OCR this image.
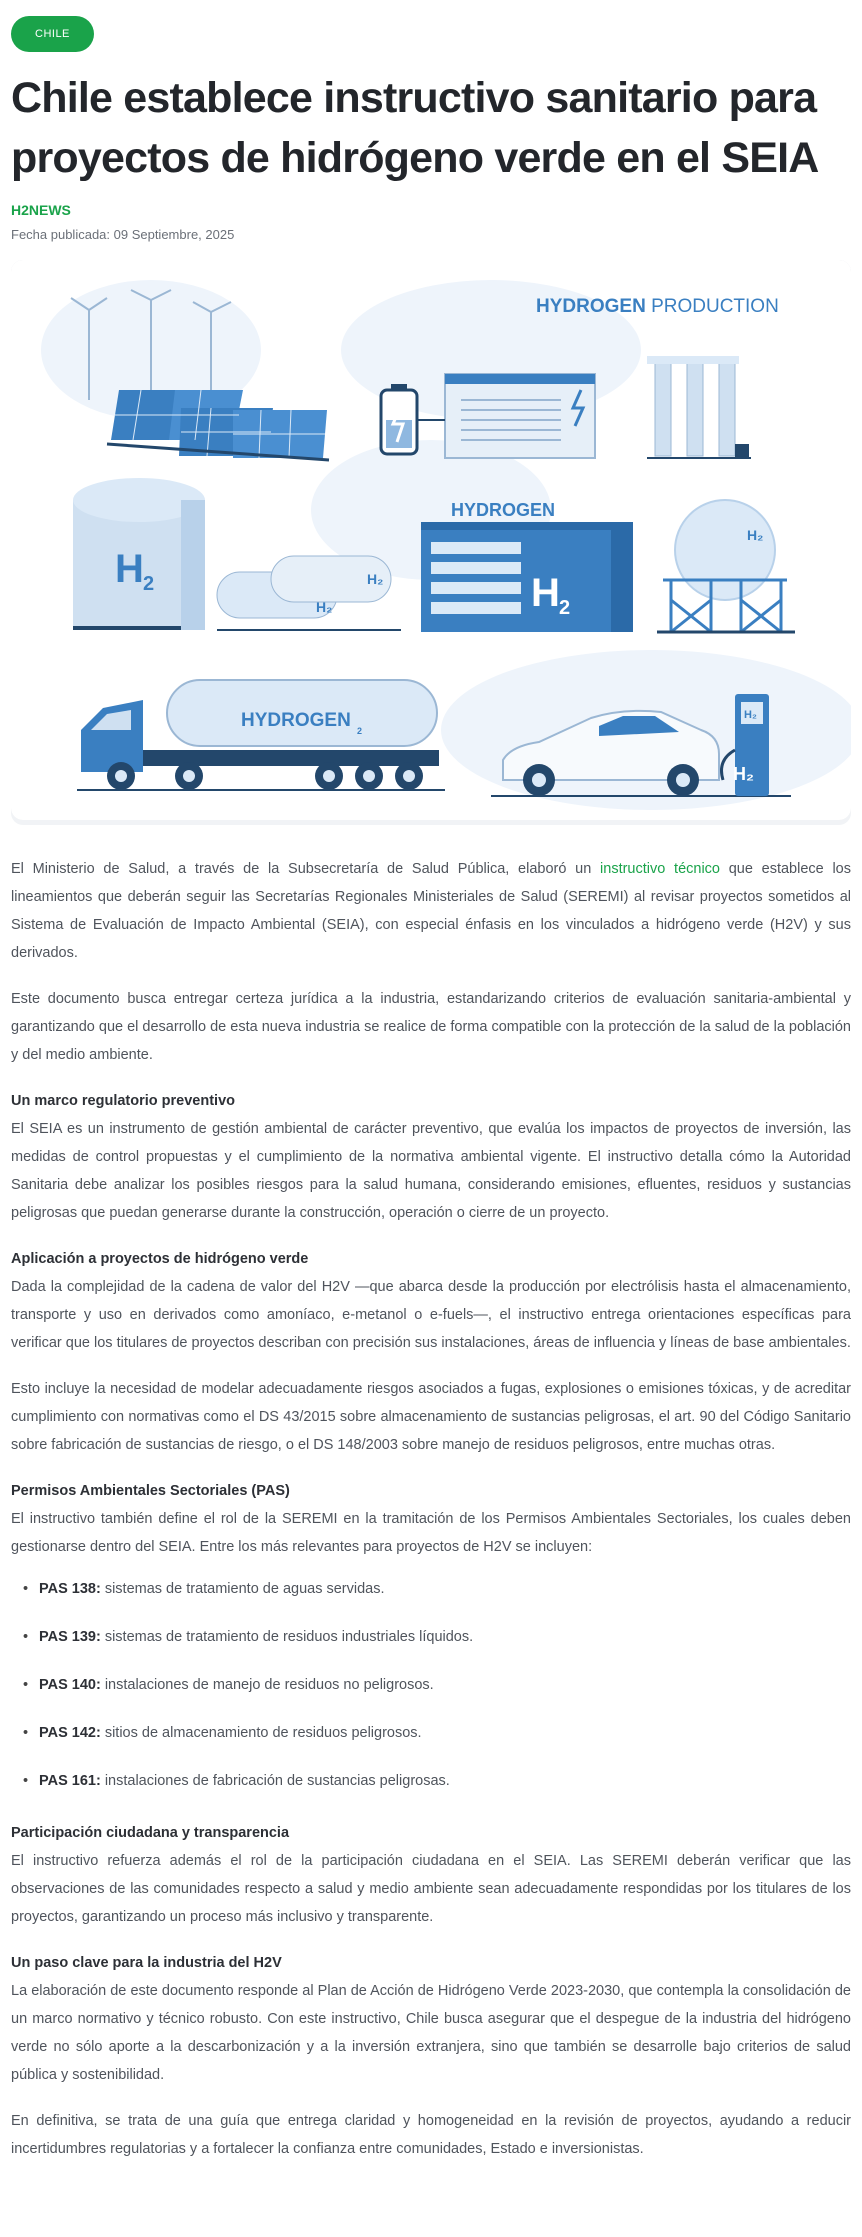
CHILE
Chile establece instructivo sanitario para proyectos de hidrógeno verde en el SEIA
H2NEWS
Fecha publicada: 09 Septiembre, 2025
HYDROGEN PRODUCTION
H 2
H₂
H₂
HYDROGEN
H 2
H₂
HYDROGEN 2
H₂
H₂

El Ministerio de Salud, a través de la Subsecretaría de Salud Pública, elaboró un instructivo técnico que establece los lineamientos que deberán seguir las Secretarías Regionales Ministeriales de Salud (SEREMI) al revisar proyectos sometidos al Sistema de Evaluación de Impacto Ambiental (SEIA), con especial énfasis en los vinculados a hidrógeno verde (H2V) y sus derivados.

Este documento busca entregar certeza jurídica a la industria, estandarizando criterios de evaluación sanitaria-ambiental y garantizando que el desarrollo de esta nueva industria se realice de forma compatible con la protección de la salud de la población y del medio ambiente.

Un marco regulatorio preventivo

El SEIA es un instrumento de gestión ambiental de carácter preventivo, que evalúa los impactos de proyectos de inversión, las medidas de control propuestas y el cumplimiento de la normativa ambiental vigente. El instructivo detalla cómo la Autoridad Sanitaria debe analizar los posibles riesgos para la salud humana, considerando emisiones, efluentes, residuos y sustancias peligrosas que puedan generarse durante la construcción, operación o cierre de un proyecto.

Aplicación a proyectos de hidrógeno verde

Dada la complejidad de la cadena de valor del H2V —que abarca desde la producción por electrólisis hasta el almacenamiento, transporte y uso en derivados como amoníaco, e-metanol o e-fuels—, el instructivo entrega orientaciones específicas para verificar que los titulares de proyectos describan con precisión sus instalaciones, áreas de influencia y líneas de base ambientales.

Esto incluye la necesidad de modelar adecuadamente riesgos asociados a fugas, explosiones o emisiones tóxicas, y de acreditar cumplimiento con normativas como el DS 43/2015 sobre almacenamiento de sustancias peligrosas, el art. 90 del Código Sanitario sobre fabricación de sustancias de riesgo, o el DS 148/2003 sobre manejo de residuos peligrosos, entre muchas otras.

Permisos Ambientales Sectoriales (PAS)

El instructivo también define el rol de la SEREMI en la tramitación de los Permisos Ambientales Sectoriales, los cuales deben gestionarse dentro del SEIA. Entre los más relevantes para proyectos de H2V se incluyen:

• PAS 138: sistemas de tratamiento de aguas servidas.
• PAS 139: sistemas de tratamiento de residuos industriales líquidos.
• PAS 140: instalaciones de manejo de residuos no peligrosos.
• PAS 142: sitios de almacenamiento de residuos peligrosos.
• PAS 161: instalaciones de fabricación de sustancias peligrosas.
Participación ciudadana y transparencia

El instructivo refuerza además el rol de la participación ciudadana en el SEIA. Las SEREMI deberán verificar que las observaciones de las comunidades respecto a salud y medio ambiente sean adecuadamente respondidas por los titulares de los proyectos, garantizando un proceso más inclusivo y transparente.

Un paso clave para la industria del H2V

La elaboración de este documento responde al Plan de Acción de Hidrógeno Verde 2023-2030, que contempla la consolidación de un marco normativo y técnico robusto. Con este instructivo, Chile busca asegurar que el despegue de la industria del hidrógeno verde no sólo aporte a la descarbonización y a la inversión extranjera, sino que también se desarrolle bajo criterios de salud pública y sostenibilidad.

En definitiva, se trata de una guía que entrega claridad y homogeneidad en la revisión de proyectos, ayudando a reducir incertidumbres regulatorias y a fortalecer la confianza entre comunidades, Estado e inversionistas.
